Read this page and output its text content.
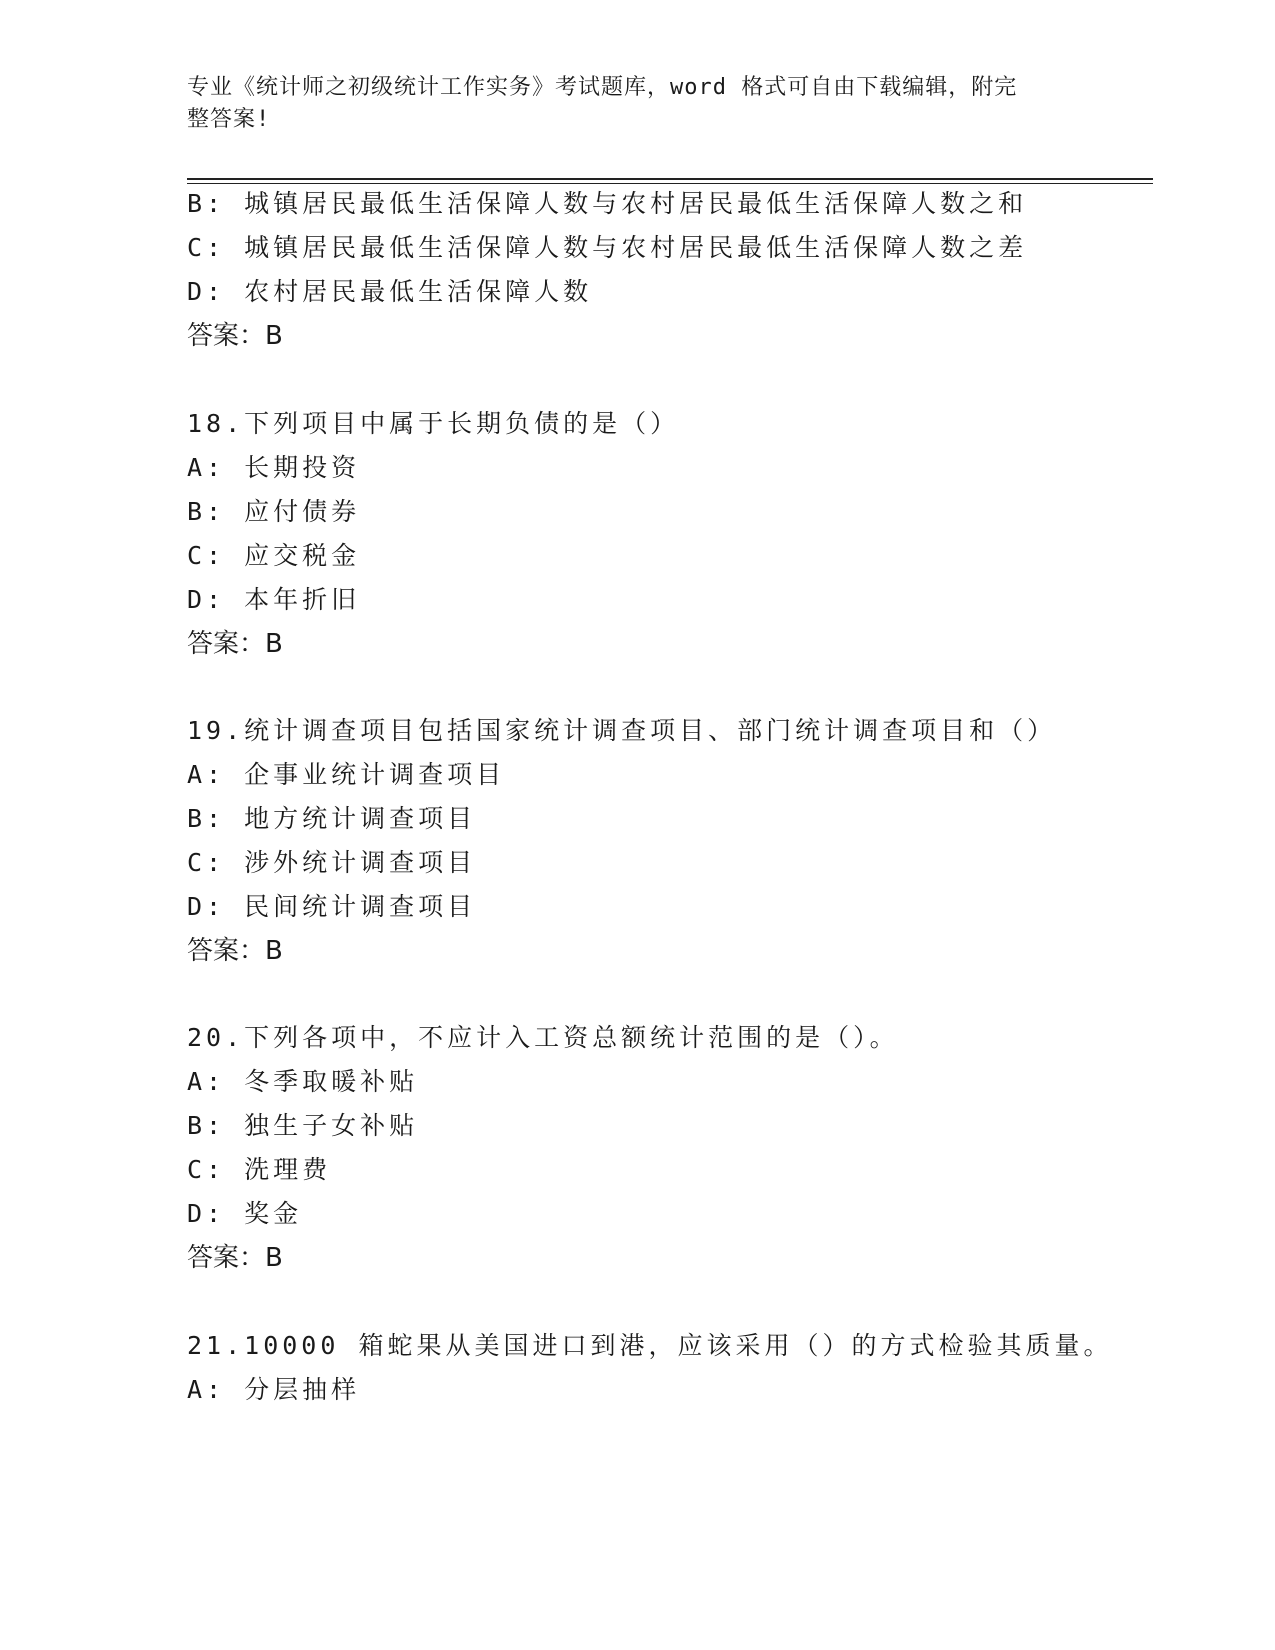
专业《统计师之初级统计工作实务》考试题库，word 格式可自由下载编辑，附完
整答案!
B: 城镇居民最低生活保障人数与农村居民最低生活保障人数之和
C: 城镇居民最低生活保障人数与农村居民最低生活保障人数之差
D: 农村居民最低生活保障人数
答案：B
18.下列项目中属于长期负债的是（）
A: 长期投资
B: 应付债券
C: 应交税金
D: 本年折旧
答案：B
19.统计调查项目包括国家统计调查项目、部门统计调查项目和（）
A: 企事业统计调查项目
B: 地方统计调查项目
C: 涉外统计调查项目
D: 民间统计调查项目
答案：B
20.下列各项中，不应计入工资总额统计范围的是（）。
A: 冬季取暖补贴
B: 独生子女补贴
C: 洗理费
D: 奖金
答案：B
21.10000 箱蛇果从美国进口到港，应该采用（）的方式检验其质量。
A: 分层抽样
